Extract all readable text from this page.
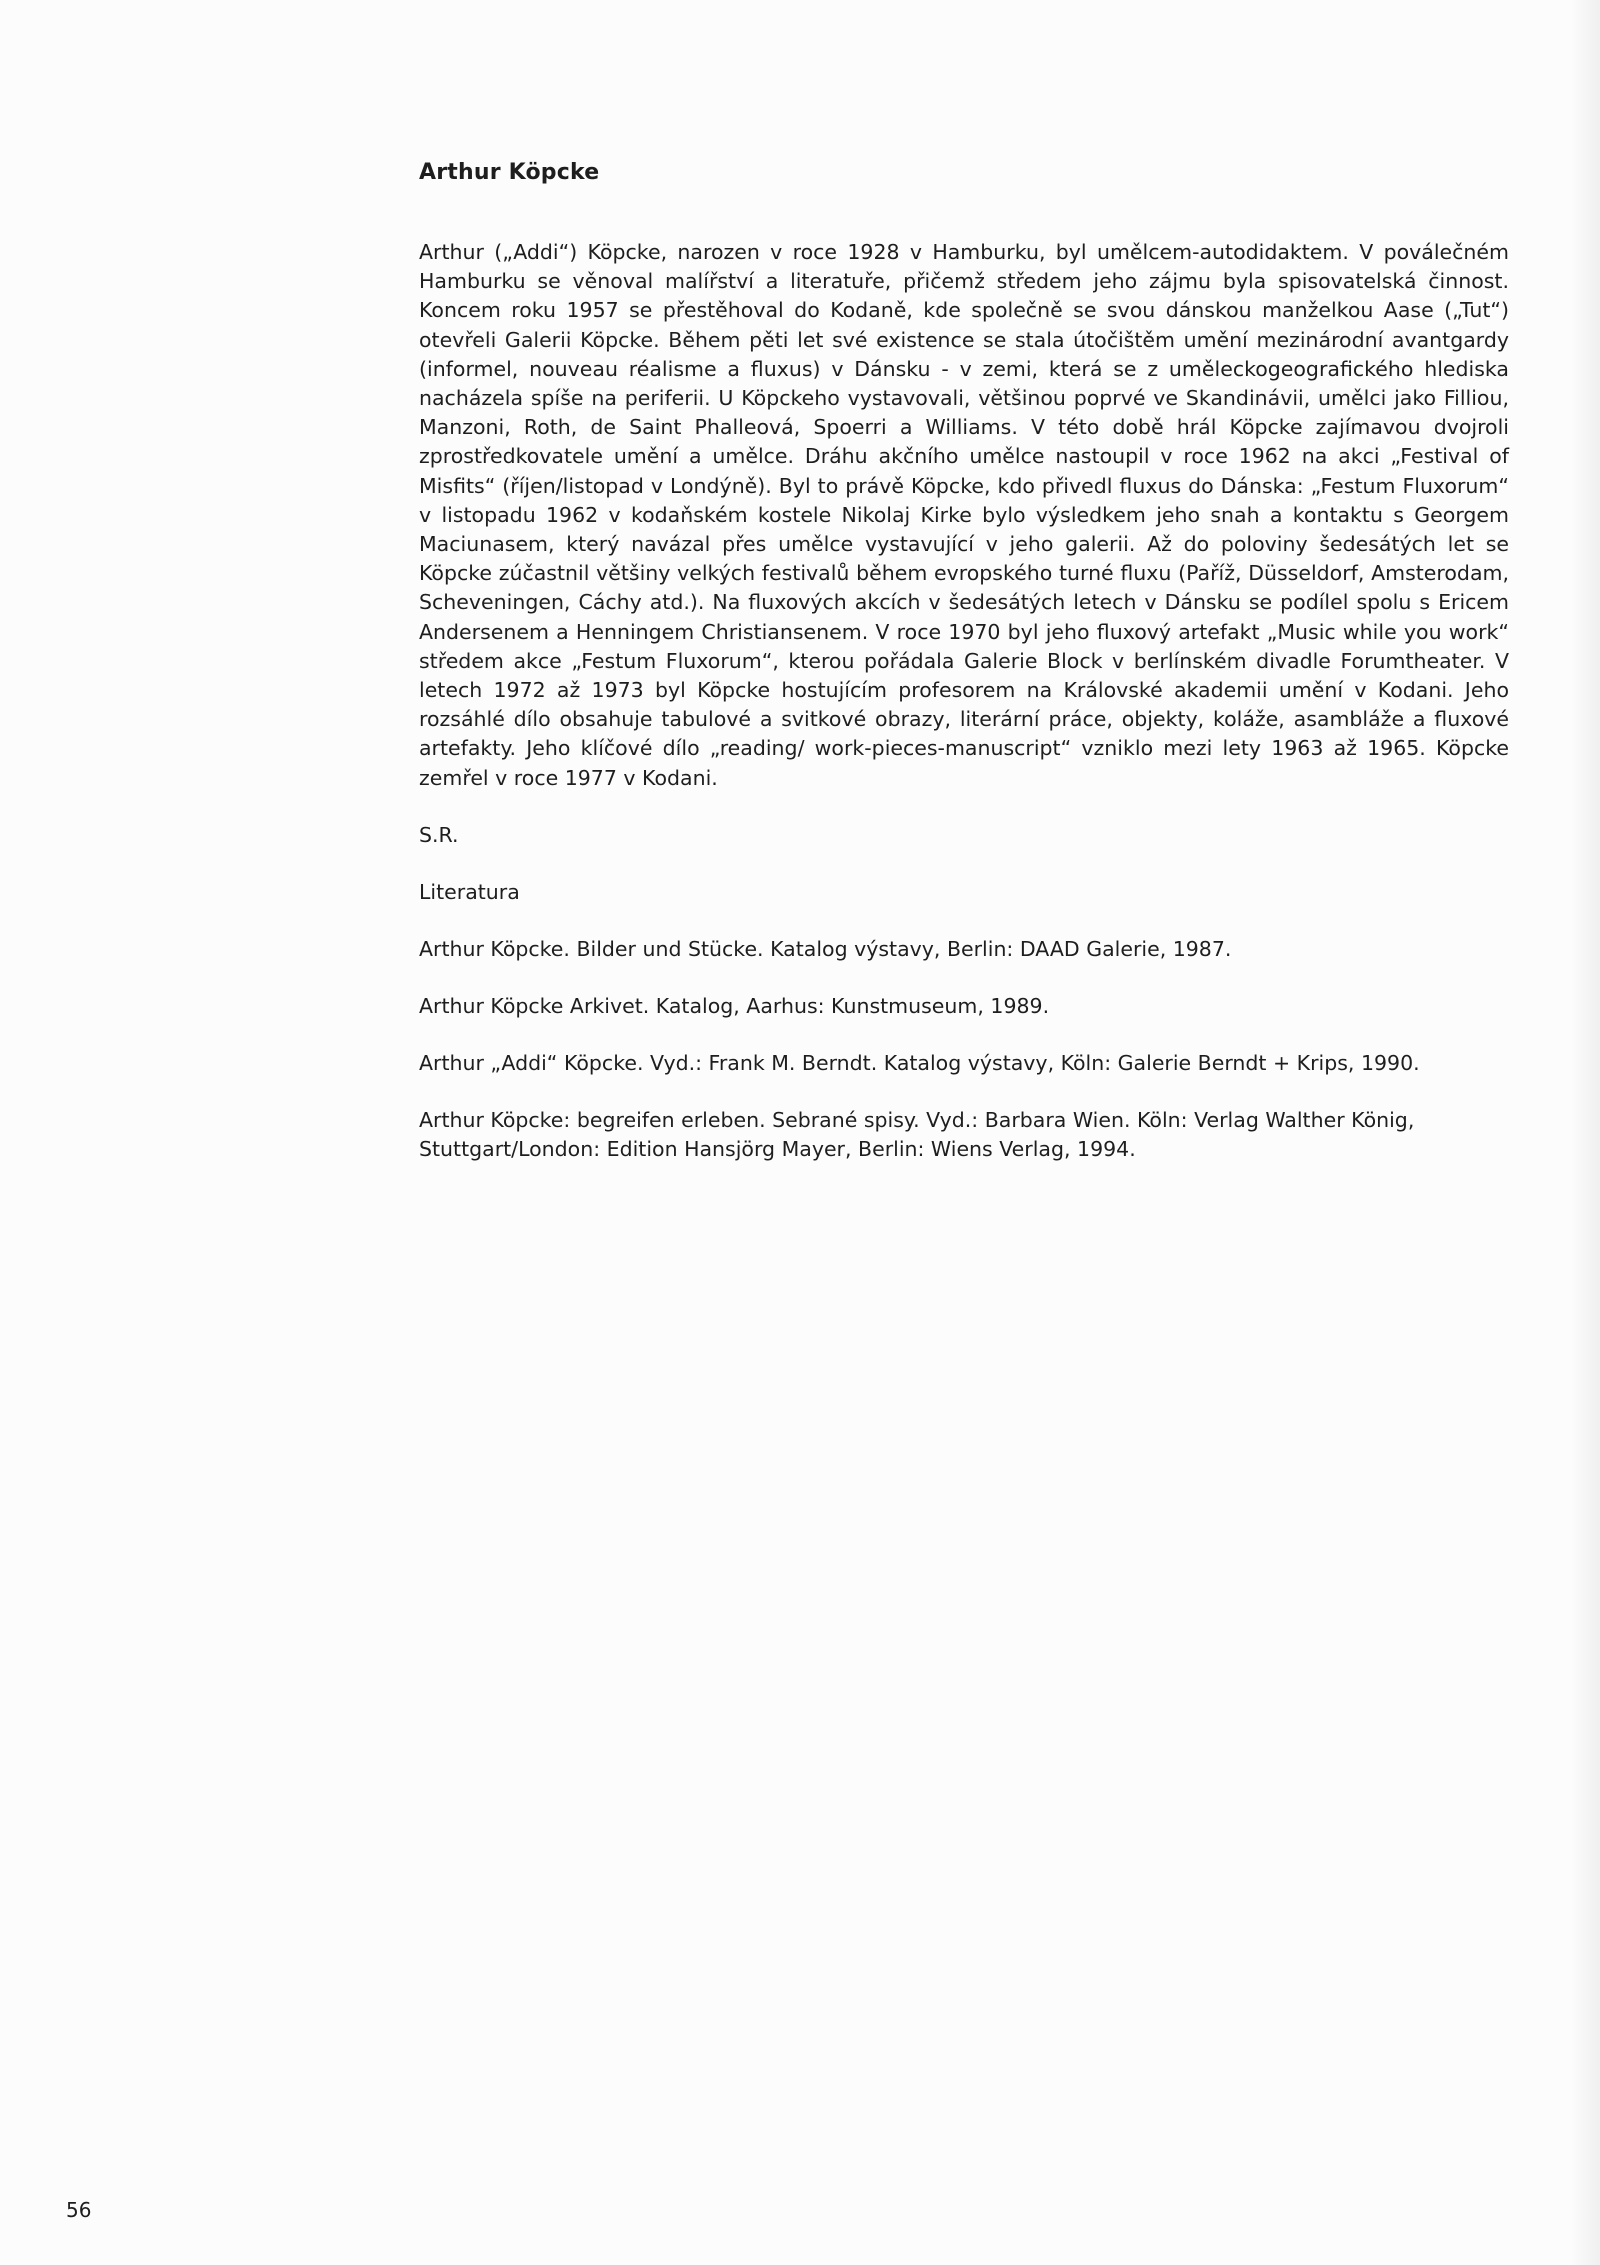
Arthur Köpcke

Arthur („Addi“) Köpcke, narozen v roce 1928 v Hamburku, byl umělcem-autodidaktem. V poválečném Hamburku se věnoval malířství a literatuře, přičemž středem jeho zájmu byla spisovatelská činnost. Koncem roku 1957 se přestěhoval do Kodaně, kde společně se svou dánskou manželkou Aase („Tut“) otevřeli Galerii Köpcke. Během pěti let své existence se stala útočištěm umění mezinárodní avantgardy (informel, nouveau réalisme a fluxus) v Dánsku - v zemi, která se z uměleckogeografického hlediska nacházela spíše na periferii. U Köpckeho vystavovali, většinou poprvé ve Skandinávii, umělci jako Filliou, Manzoni, Roth, de Saint Phalleová, Spoerri a Williams. V této době hrál Köpcke zajímavou dvojroli zprostředkovatele umění a umělce. Dráhu akčního umělce nastoupil v roce 1962 na akci „Festival of Misfits“ (říjen/listopad v Londýně). Byl to právě Köpcke, kdo přivedl fluxus do Dánska: „Festum Fluxorum“ v listopadu 1962 v kodaňském kostele Nikolaj Kirke bylo výsledkem jeho snah a kontaktu s Georgem Maciunasem, který navázal přes umělce vystavující v jeho galerii. Až do poloviny šedesátých let se Köpcke zúčastnil většiny velkých festivalů během evropského turné fluxu (Paříž, Düsseldorf, Amsterodam, Scheveningen, Cáchy atd.). Na fluxových akcích v šedesátých letech v Dánsku se podílel spolu s Ericem Andersenem a Henningem Christiansenem. V roce 1970 byl jeho fluxový artefakt „Music while you work“ středem akce „Festum Fluxorum“, kterou pořádala Galerie Block v berlínském divadle Forumtheater. V letech 1972 až 1973 byl Köpcke hostujícím profesorem na Královské akademii umění v Kodani. Jeho rozsáhlé dílo obsahuje tabulové a svitkové obrazy, literární práce, objekty, koláže, asambláže a fluxové artefakty. Jeho klíčové dílo „reading/ work-pieces-manuscript“ vzniklo mezi lety 1963 až 1965. Köpcke zemřel v roce 1977 v Kodani.

S.R.
Literatura
Arthur Köpcke. Bilder und Stücke. Katalog výstavy, Berlin: DAAD Galerie, 1987.
Arthur Köpcke Arkivet. Katalog, Aarhus: Kunstmuseum, 1989.
Arthur „Addi“ Köpcke. Vyd.: Frank M. Berndt. Katalog výstavy, Köln: Galerie Berndt + Krips, 1990.
Arthur Köpcke: begreifen erleben. Sebrané spisy. Vyd.: Barbara Wien. Köln: Verlag Walther König, Stuttgart/London: Edition Hansjörg Mayer, Berlin: Wiens Verlag, 1994.
56
